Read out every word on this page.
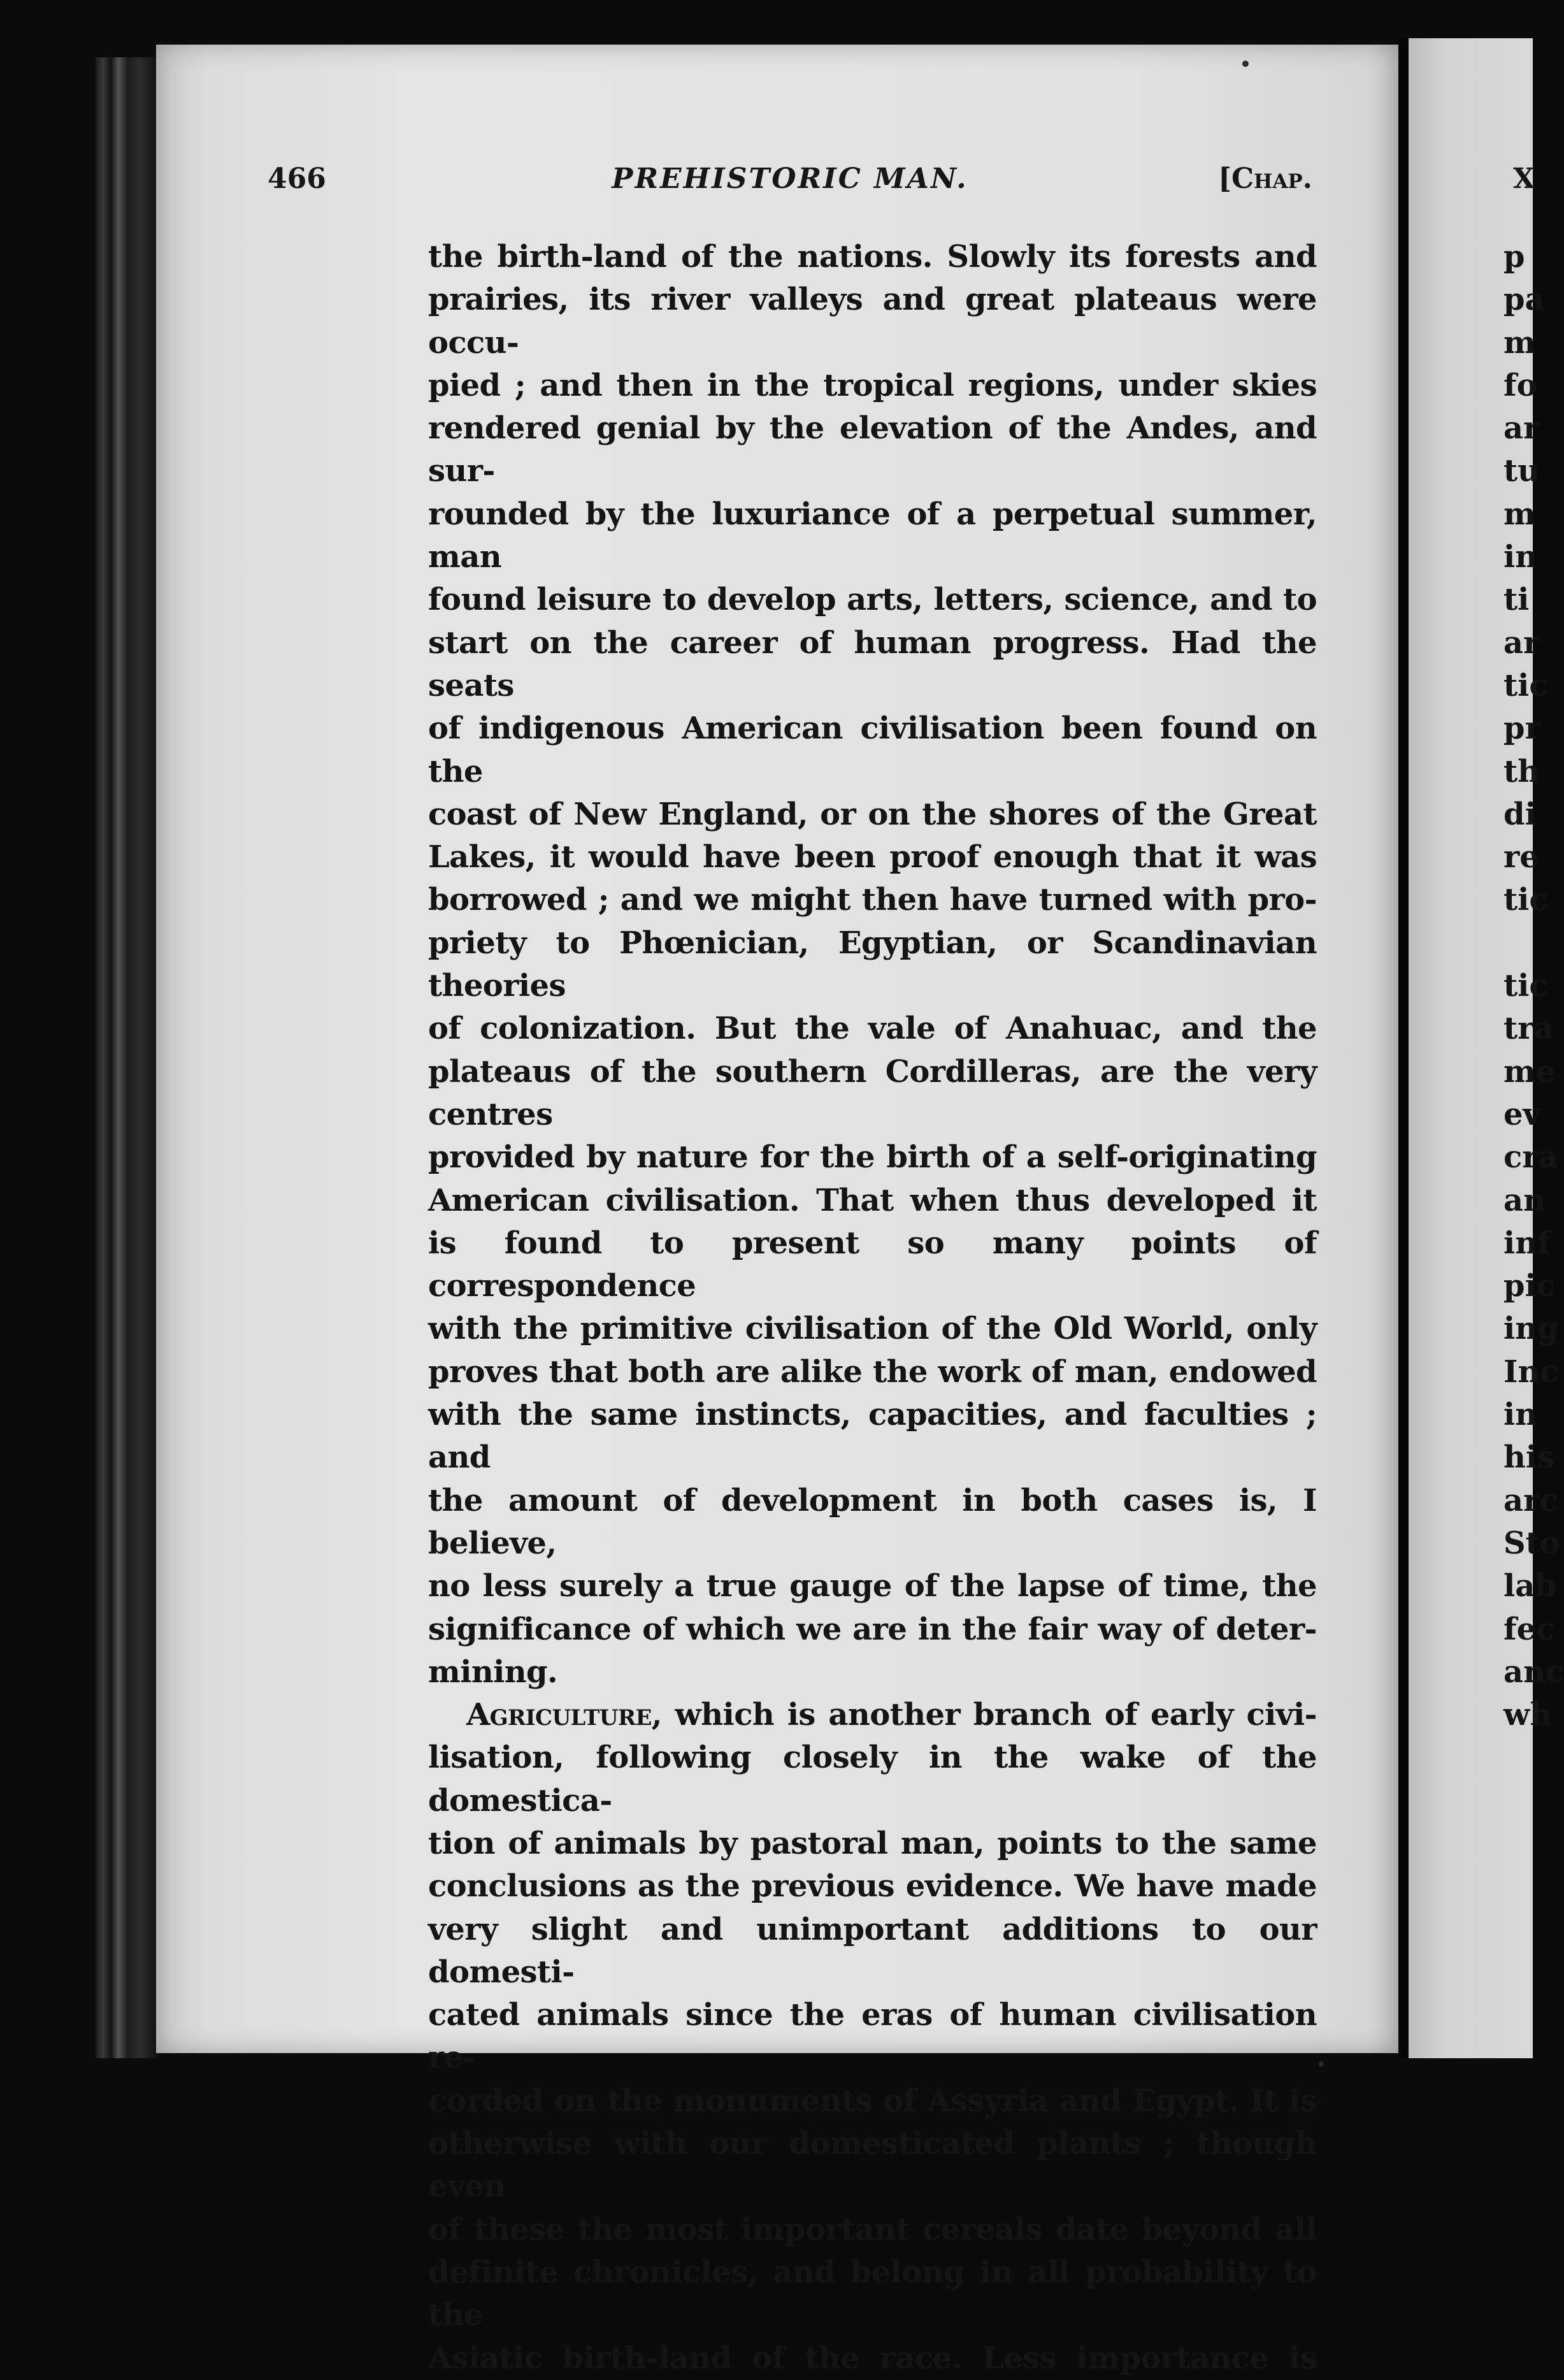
466	PREHISTORIC MAN.	[Chap.

the birth-land of the nations. Slowly its forests and

prairies, its river valleys and great plateaus were occu-

pied ; and then in the tropical regions, under skies

rendered genial by the elevation of the Andes, and sur-

rounded by the luxuriance of a perpetual summer, man

found leisure to develop arts, letters, science, and to

start on the career of human progress. Had the seats

of indigenous American civilisation been found on the

coast of New England, or on the shores of the Great

Lakes, it would have been proof enough that it was

borrowed ; and we might then have turned with pro-

priety to Phœnician, Egyptian, or Scandinavian theories

of colonization. But the vale of Anahuac, and the

plateaus of the southern Cordilleras, are the very centres

provided by nature for the birth of a self-originating

American civilisation. That when thus developed it

is found to present so many points of correspondence

with the primitive civilisation of the Old World, only

proves that both are alike the work of man, endowed

with the same instincts, capacities, and faculties ; and

the amount of development in both cases is, I believe,

no less surely a true gauge of the lapse of time, the

significance of which we are in the fair way of deter-

mining.

Agriculture, which is another branch of early civi-

lisation, following closely in the wake of the domestica-

tion of animals by pastoral man, points to the same

conclusions as the previous evidence. We have made

very slight and unimportant additions to our domesti-

cated animals since the eras of human civilisation re-

corded on the monuments of Assyria and Egypt. It is

otherwise with our domesticated plants ; though even

of these the most important cereals date beyond all

definite chronicles, and belong in all probability to the

Asiatic birth-land of the race. Less importance is

X
p
pa
m
fo
ar
tu
m
in
ti
ar
tic
pr
th
di
re
tic
tic
tra
me
ev
cra
an
inf
pic
ing
Inc
in
his
arc
Sto
lab
fec
anc
wh
